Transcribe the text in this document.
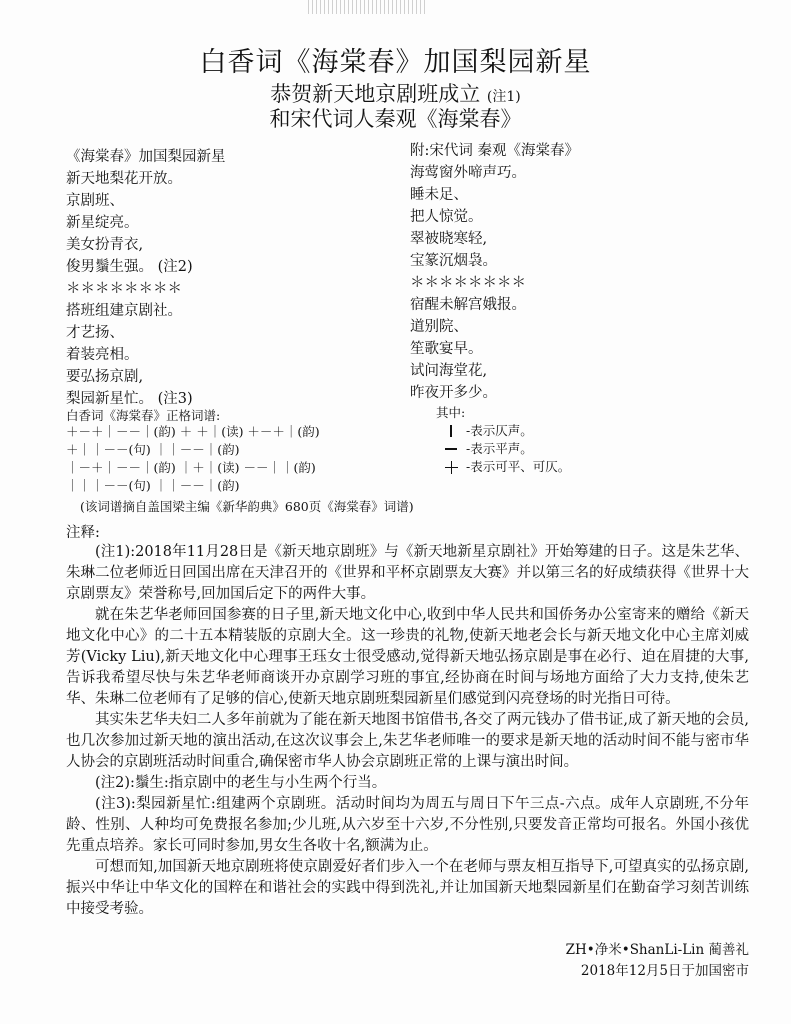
白香词《海棠春》加国梨园新星
恭贺新天地京剧班成立 (注1)
和宋代词人秦观《海棠春》
《海棠春》加国梨园新星
新天地梨花开放。
京剧班、
新星绽亮。
美女扮青衣,
俊男鬚生强。 (注2)
＊＊＊＊＊＊＊＊
搭班组建京剧社。
才艺扬、
着装亮相。
要弘扬京剧,
梨园新星忙。 (注3)
附:宋代词 秦观《海棠春》
海莺窗外啼声巧。
睡未足、
把人惊觉。
翠被晓寒轻,
宝篆沉烟袅。
＊＊＊＊＊＊＊＊
宿醒未解宫娥报。
道别院、
笙歌宴早。
试问海堂花,
昨夜开多少。
白香词《海棠春》正格词谱:
＋－＋｜－－｜(韵) ＋ ＋｜(读) ＋－＋｜(韵)
＋｜｜－－(句) ｜｜－－｜(韵)
｜－＋｜－－｜(韵) ｜＋｜(读) －－｜｜(韵)
｜｜｜－－(句) ｜｜－－｜(韵)
其中:
-表示仄声。
-表示平声。
-表示可平、可仄。
(该词谱摘自盖国梁主编《新华韵典》680页《海棠春》词谱)
注释:

(注1):2018年11月28日是《新天地京剧班》与《新天地新星京剧社》开始筹建的日子。这是朱艺华、朱琳二位老师近日回国出席在天津召开的《世界和平杯京剧票友大赛》并以第三名的好成绩获得《世界十大京剧票友》荣誉称号,回加国后定下的两件大事。

就在朱艺华老师回国参赛的日子里,新天地文化中心,收到中华人民共和国侨务办公室寄来的赠给《新天地文化中心》的二十五本精装版的京剧大全。这一珍贵的礼物,使新天地老会长与新天地文化中心主席刘威芳(Vicky Liu),新天地文化中心理事王珏女士很受感动,觉得新天地弘扬京剧是事在必行、迫在眉捷的大事,告诉我希望尽快与朱艺华老师商谈开办京剧学习班的事宜,经协商在时间与场地方面给了大力支持,使朱艺华、朱琳二位老师有了足够的信心,使新天地京剧班梨园新星们感觉到闪亮登场的时光指日可待。

其实朱艺华夫妇二人多年前就为了能在新天地图书馆借书,各交了两元钱办了借书证,成了新天地的会员,也几次参加过新天地的演出活动,在这次议事会上,朱艺华老师唯一的要求是新天地的活动时间不能与密市华人协会的京剧班活动时间重合,确保密市华人协会京剧班正常的上课与演出时间。

(注2):鬚生:指京剧中的老生与小生两个行当。

(注3):梨园新星忙:组建两个京剧班。活动时间均为周五与周日下午三点-六点。成年人京剧班,不分年龄、性别、人种均可免费报名参加;少儿班,从六岁至十六岁,不分性别,只要发音正常均可报名。外国小孩优先重点培养。家长可同时参加,男女生各收十名,额满为止。

可想而知,加国新天地京剧班将使京剧爱好者们步入一个在老师与票友相互指导下,可望真实的弘扬京剧,振兴中华让中华文化的国粹在和谐社会的实践中得到洗礼,并让加国新天地梨园新星们在勤奋学习刻苦训练中接受考验。

ZH•净米•ShanLi-Lin 蔺善礼
2018年12月5日于加国密市
